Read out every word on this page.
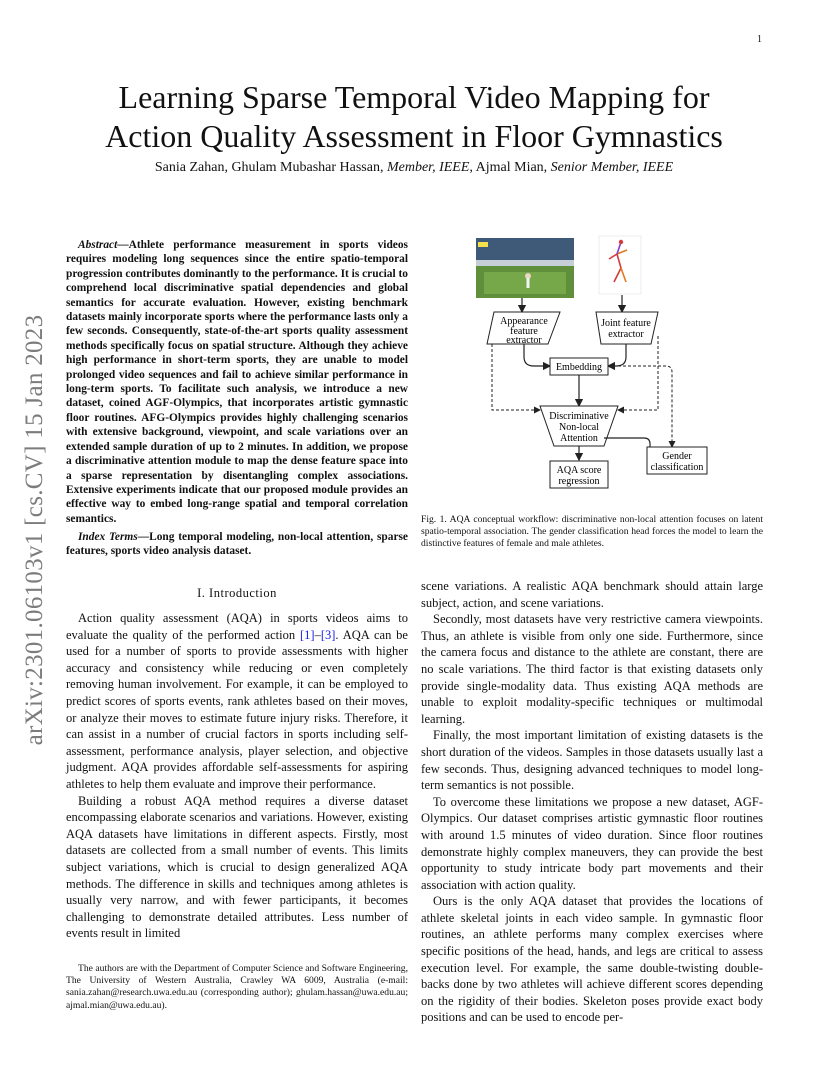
1
arXiv:2301.06103v1 [cs.CV] 15 Jan 2023
Learning Sparse Temporal Video Mapping for
Action Quality Assessment in Floor Gymnastics
Sania Zahan, Ghulam Mubashar Hassan, Member, IEEE, Ajmal Mian, Senior Member, IEEE
Abstract—Athlete performance measurement in sports videos requires modeling long sequences since the entire spatio-temporal progression contributes dominantly to the performance. It is crucial to comprehend local discriminative spatial dependencies and global semantics for accurate evaluation. However, existing benchmark datasets mainly incorporate sports where the performance lasts only a few seconds. Consequently, state-of-the-art sports quality assessment methods specifically focus on spatial structure. Although they achieve high performance in short-term sports, they are unable to model prolonged video sequences and fail to achieve similar performance in long-term sports. To facilitate such analysis, we introduce a new dataset, coined AGF-Olympics, that incorporates artistic gymnastic floor routines. AFG-Olympics provides highly challenging scenarios with extensive background, viewpoint, and scale variations over an extended sample duration of up to 2 minutes. In addition, we propose a discriminative attention module to map the dense feature space into a sparse representation by disentangling complex associations. Extensive experiments indicate that our proposed module provides an effective way to embed long-range spatial and temporal correlation semantics.
Index Terms—Long temporal modeling, non-local attention, sparse features, sports video analysis dataset.
I. Introduction

Action quality assessment (AQA) in sports videos aims to evaluate the quality of the performed action [1]–[3]. AQA can be used for a number of sports to provide assessments with higher accuracy and consistency while reducing or even completely removing human involvement. For example, it can be employed to predict scores of sports events, rank athletes based on their moves, or analyze their moves to estimate future injury risks. Therefore, it can assist in a number of crucial factors in sports including self-assessment, performance analysis, player selection, and objective judgment. AQA provides affordable self-assessments for aspiring athletes to help them evaluate and improve their performance.

Building a robust AQA method requires a diverse dataset encompassing elaborate scenarios and variations. However, existing AQA datasets have limitations in different aspects. Firstly, most datasets are collected from a small number of events. This limits subject variations, which is crucial to design generalized AQA methods. The difference in skills and techniques among athletes is usually very narrow, and with fewer participants, it becomes challenging to demonstrate detailed attributes. Less number of events result in limited

The authors are with the Department of Computer Science and Software Engineering, The University of Western Australia, Crawley WA 6009, Australia (e-mail: sania.zahan@research.uwa.edu.au (corresponding author); ghulam.hassan@uwa.edu.au; ajmal.mian@uwa.edu.au).
Appearance
feature
extractor
Joint feature
extractor
Embedding
Discriminative
Non-local
Attention
AQA score
regression
Gender
classification
Fig. 1. AQA conceptual workflow: discriminative non-local attention focuses on latent spatio-temporal association. The gender classification head forces the model to learn the distinctive features of female and male athletes.

scene variations. A realistic AQA benchmark should attain large subject, action, and scene variations.

Secondly, most datasets have very restrictive camera viewpoints. Thus, an athlete is visible from only one side. Furthermore, since the camera focus and distance to the athlete are constant, there are no scale variations. The third factor is that existing datasets only provide single-modality data. Thus existing AQA methods are unable to exploit modality-specific techniques or multimodal learning.

Finally, the most important limitation of existing datasets is the short duration of the videos. Samples in those datasets usually last a few seconds. Thus, designing advanced techniques to model long-term semantics is not possible.

To overcome these limitations we propose a new dataset, AGF-Olympics. Our dataset comprises artistic gymnastic floor routines with around 1.5 minutes of video duration. Since floor routines demonstrate highly complex maneuvers, they can provide the best opportunity to study intricate body part movements and their association with action quality.

Ours is the only AQA dataset that provides the locations of athlete skeletal joints in each video sample. In gymnastic floor routines, an athlete performs many complex exercises where specific positions of the head, hands, and legs are critical to assess execution level. For example, the same double-twisting double-backs done by two athletes will achieve different scores depending on the rigidity of their bodies. Skeleton poses provide exact body positions and can be used to encode per-
